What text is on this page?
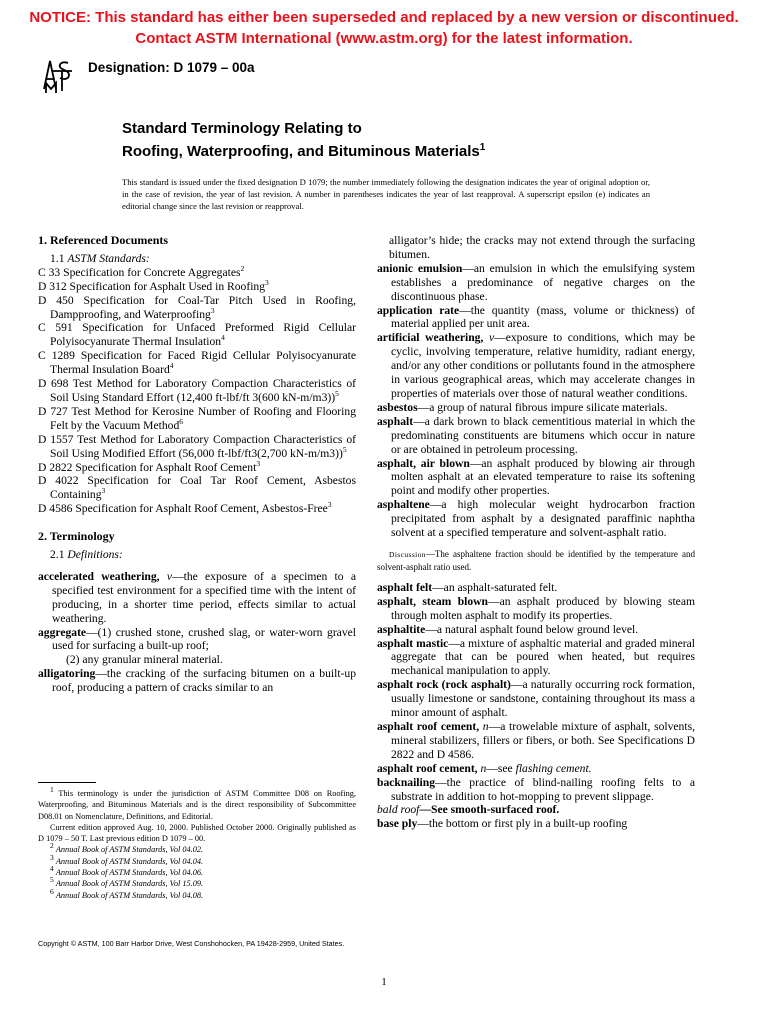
NOTICE: This standard has either been superseded and replaced by a new version or discontinued.
Contact ASTM International (www.astm.org) for the latest information.
Designation: D 1079 – 00a
Standard Terminology Relating to
Roofing, Waterproofing, and Bituminous Materials$^1$
This standard is issued under the fixed designation D 1079; the number immediately following the designation indicates the year of original adoption or, in the case of revision, the year of last revision. A number in parentheses indicates the year of last reapproval. A superscript epsilon (e) indicates an editorial change since the last revision or reapproval.

1. Referenced Documents

1.1 ASTM Standards:

C 33 Specification for Concrete Aggregates$^2$

D 312 Specification for Asphalt Used in Roofing$^3$

D 450 Specification for Coal-Tar Pitch Used in Roofing, Dampproofing, and Waterproofing$^3$

C 591 Specification for Unfaced Preformed Rigid Cellular Polyisocyanurate Thermal Insulation$^4$

C 1289 Specification for Faced Rigid Cellular Polyisocyanurate Thermal Insulation Board$^4$

D 698 Test Method for Laboratory Compaction Characteristics of Soil Using Standard Effort (12,400 ft-lbf/ft 3(600 kN-m/m3))$^5$

D 727 Test Method for Kerosine Number of Roofing and Flooring Felt by the Vacuum Method$^6$

D 1557 Test Method for Laboratory Compaction Characteristics of Soil Using Modified Effort (56,000 ft-lbf/ft3(2,700 kN-m/m3))$^5$

D 2822 Specification for Asphalt Roof Cement$^3$

D 4022 Specification for Coal Tar Roof Cement, Asbestos Containing$^3$

D 4586 Specification for Asphalt Roof Cement, Asbestos-Free$^3$

2. Terminology

2.1 Definitions:

accelerated weathering, v—the exposure of a specimen to a specified test environment for a specified time with the intent of producing, in a shorter time period, effects similar to actual weathering.

aggregate—(1) crushed stone, crushed slag, or water-worn gravel used for surfacing a built-up roof;

(2) any granular mineral material.

alligatoring—the cracking of the surfacing bitumen on a built-up roof, producing a pattern of cracks similar to an

alligator’s hide; the cracks may not extend through the surfacing bitumen.

anionic emulsion—an emulsion in which the emulsifying system establishes a predominance of negative charges on the discontinuous phase.

application rate—the quantity (mass, volume or thickness) of material applied per unit area.

artificial weathering, v—exposure to conditions, which may be cyclic, involving temperature, relative humidity, radiant energy, and/or any other conditions or pollutants found in the atmosphere in various geographical areas, which may accelerate changes in properties of materials over those of natural weather conditions.

asbestos—a group of natural fibrous impure silicate materials.

asphalt—a dark brown to black cementitious material in which the predominating constituents are bitumens which occur in nature or are obtained in petroleum processing.

asphalt, air blown—an asphalt produced by blowing air through molten asphalt at an elevated temperature to raise its softening point and modify other properties.

asphaltene—a high molecular weight hydrocarbon fraction precipitated from asphalt by a designated paraffinic naphtha solvent at a specified temperature and solvent-asphalt ratio.

Discussion—The asphaltene fraction should be identified by the temperature and solvent-asphalt ratio used.

asphalt felt—an asphalt-saturated felt.

asphalt, steam blown—an asphalt produced by blowing steam through molten asphalt to modify its properties.

asphaltite—a natural asphalt found below ground level.

asphalt mastic—a mixture of asphaltic material and graded mineral aggregate that can be poured when heated, but requires mechanical manipulation to apply.

asphalt rock (rock asphalt)—a naturally occurring rock formation, usually limestone or sandstone, containing throughout its mass a minor amount of asphalt.

asphalt roof cement, n—a trowelable mixture of asphalt, solvents, mineral stabilizers, fillers or fibers, or both. See Specifications D 2822 and D 4586.

asphalt roof cement, n—see flashing cement.

backnailing—the practice of blind-nailing roofing felts to a substrate in addition to hot-mopping to prevent slippage.

bald roof—See smooth-surfaced roof.

base ply—the bottom or first ply in a built-up roofing

$^1$ This terminology is under the jurisdiction of ASTM Committee D08 on Roofing, Waterproofing, and Bituminous Materials and is the direct responsibility of Subcommittee D08.01 on Nomenclature, Definitions, and Editorial.

Current edition approved Aug. 10, 2000. Published October 2000. Originally published as D 1079 – 50 T. Last previous edition D 1079 – 00.

$^2$ Annual Book of ASTM Standards, Vol 04.02.

$^3$ Annual Book of ASTM Standards, Vol 04.04.

$^4$ Annual Book of ASTM Standards, Vol 04.06.

$^5$ Annual Book of ASTM Standards, Vol 15.09.

$^6$ Annual Book of ASTM Standards, Vol 04.08.

Copyright © ASTM, 100 Barr Harbor Drive, West Conshohocken, PA 19428-2959, United States.
1
